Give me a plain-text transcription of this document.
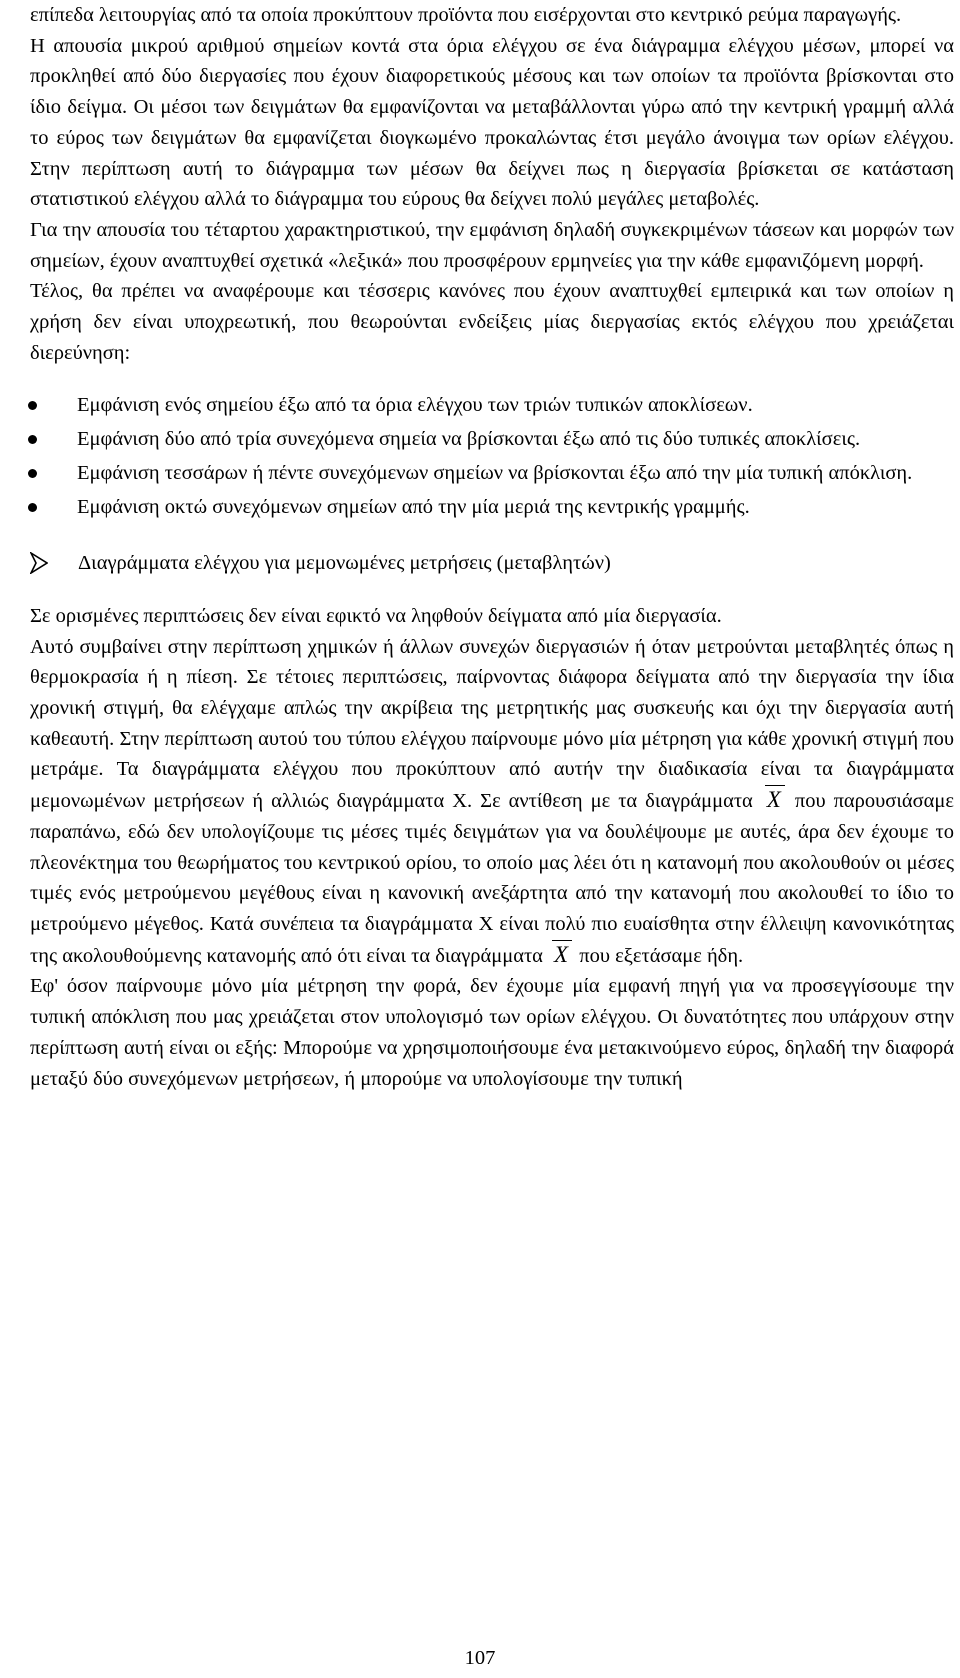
επίπεδα λειτουργίας από τα οποία προκύπτουν προϊόντα που εισέρχονται στο κεντρικό ρεύμα παραγωγής.

Η απουσία μικρού αριθμού σημείων κοντά στα όρια ελέγχου σε ένα διάγραμμα ελέγχου μέσων, μπορεί να προκληθεί από δύο διεργασίες που έχουν διαφορετικούς μέσους και των οποίων τα προϊόντα βρίσκονται στο ίδιο δείγμα. Οι μέσοι των δειγμάτων θα εμφανίζονται να μεταβάλλονται γύρω από την κεντρική γραμμή αλλά το εύρος των δειγμάτων θα εμφανίζεται διογκωμένο προκαλώντας έτσι μεγάλο άνοιγμα των ορίων ελέγχου. Στην περίπτωση αυτή το διάγραμμα των μέσων θα δείχνει πως η διεργασία βρίσκεται σε κατάσταση στατιστικού ελέγχου αλλά το διάγραμμα του εύρους θα δείχνει πολύ μεγάλες μεταβολές.

Για την απουσία του τέταρτου χαρακτηριστικού, την εμφάνιση δηλαδή συγκεκριμένων τάσεων και μορφών των σημείων, έχουν αναπτυχθεί σχετικά «λεξικά» που προσφέρουν ερμηνείες για την κάθε εμφανιζόμενη μορφή.

Τέλος, θα πρέπει να αναφέρουμε και τέσσερις κανόνες που έχουν αναπτυχθεί εμπειρικά και των οποίων η χρήση δεν είναι υποχρεωτική, που θεωρούνται ενδείξεις μίας διεργασίας εκτός ελέγχου που χρειάζεται διερεύνηση:

Εμφάνιση ενός σημείου έξω από τα όρια ελέγχου των τριών τυπικών αποκλίσεων.
Εμφάνιση δύο από τρία συνεχόμενα σημεία να βρίσκονται έξω από τις δύο τυπικές αποκλίσεις.
Εμφάνιση τεσσάρων ή πέντε συνεχόμενων σημείων να βρίσκονται έξω από την μία τυπική απόκλιση.
Εμφάνιση οκτώ συνεχόμενων σημείων από την μία μεριά της κεντρικής γραμμής.
Διαγράμματα ελέγχου για μεμονωμένες μετρήσεις (μεταβλητών)

Σε ορισμένες περιπτώσεις δεν είναι εφικτό να ληφθούν δείγματα από μία διεργασία.

Αυτό συμβαίνει στην περίπτωση χημικών ή άλλων συνεχών διεργασιών ή όταν μετρούνται μεταβλητές όπως η θερμοκρασία ή η πίεση. Σε τέτοιες περιπτώσεις, παίρνοντας διάφορα δείγματα από την διεργασία την ίδια χρονική στιγμή, θα ελέγχαμε απλώς την ακρίβεια της μετρητικής μας συσκευής και όχι την διεργασία αυτή καθεαυτή. Στην περίπτωση αυτού του τύπου ελέγχου παίρνουμε μόνο μία μέτρηση για κάθε χρονική στιγμή που μετράμε. Τα διαγράμματα ελέγχου που προκύπτουν από αυτήν την διαδικασία είναι τα διαγράμματα μεμονωμένων μετρήσεων ή αλλιώς διαγράμματα Χ. Σε αντίθεση με τα διαγράμματα X που παρουσιάσαμε παραπάνω, εδώ δεν υπολογίζουμε τις μέσες τιμές δειγμάτων για να δουλέψουμε με αυτές, άρα δεν έχουμε το πλεονέκτημα του θεωρήματος του κεντρικού ορίου, το οποίο μας λέει ότι η κατανομή που ακολουθούν οι μέσες τιμές ενός μετρούμενου μεγέθους είναι η κανονική ανεξάρτητα από την κατανομή που ακολουθεί το ίδιο το μετρούμενο μέγεθος. Κατά συνέπεια τα διαγράμματα Χ είναι πολύ πιο ευαίσθητα στην έλλειψη κανονικότητας της ακολουθούμενης κατανομής από ότι είναι τα διαγράμματα X που εξετάσαμε ήδη.

Εφ' όσον παίρνουμε μόνο μία μέτρηση την φορά, δεν έχουμε μία εμφανή πηγή για να προσεγγίσουμε την τυπική απόκλιση που μας χρειάζεται στον υπολογισμό των ορίων ελέγχου. Οι δυνατότητες που υπάρχουν στην περίπτωση αυτή είναι οι εξής: Μπορούμε να χρησιμοποιήσουμε ένα μετακινούμενο εύρος, δηλαδή την διαφορά μεταξύ δύο συνεχόμενων μετρήσεων, ή μπορούμε να υπολογίσουμε την τυπική

107
